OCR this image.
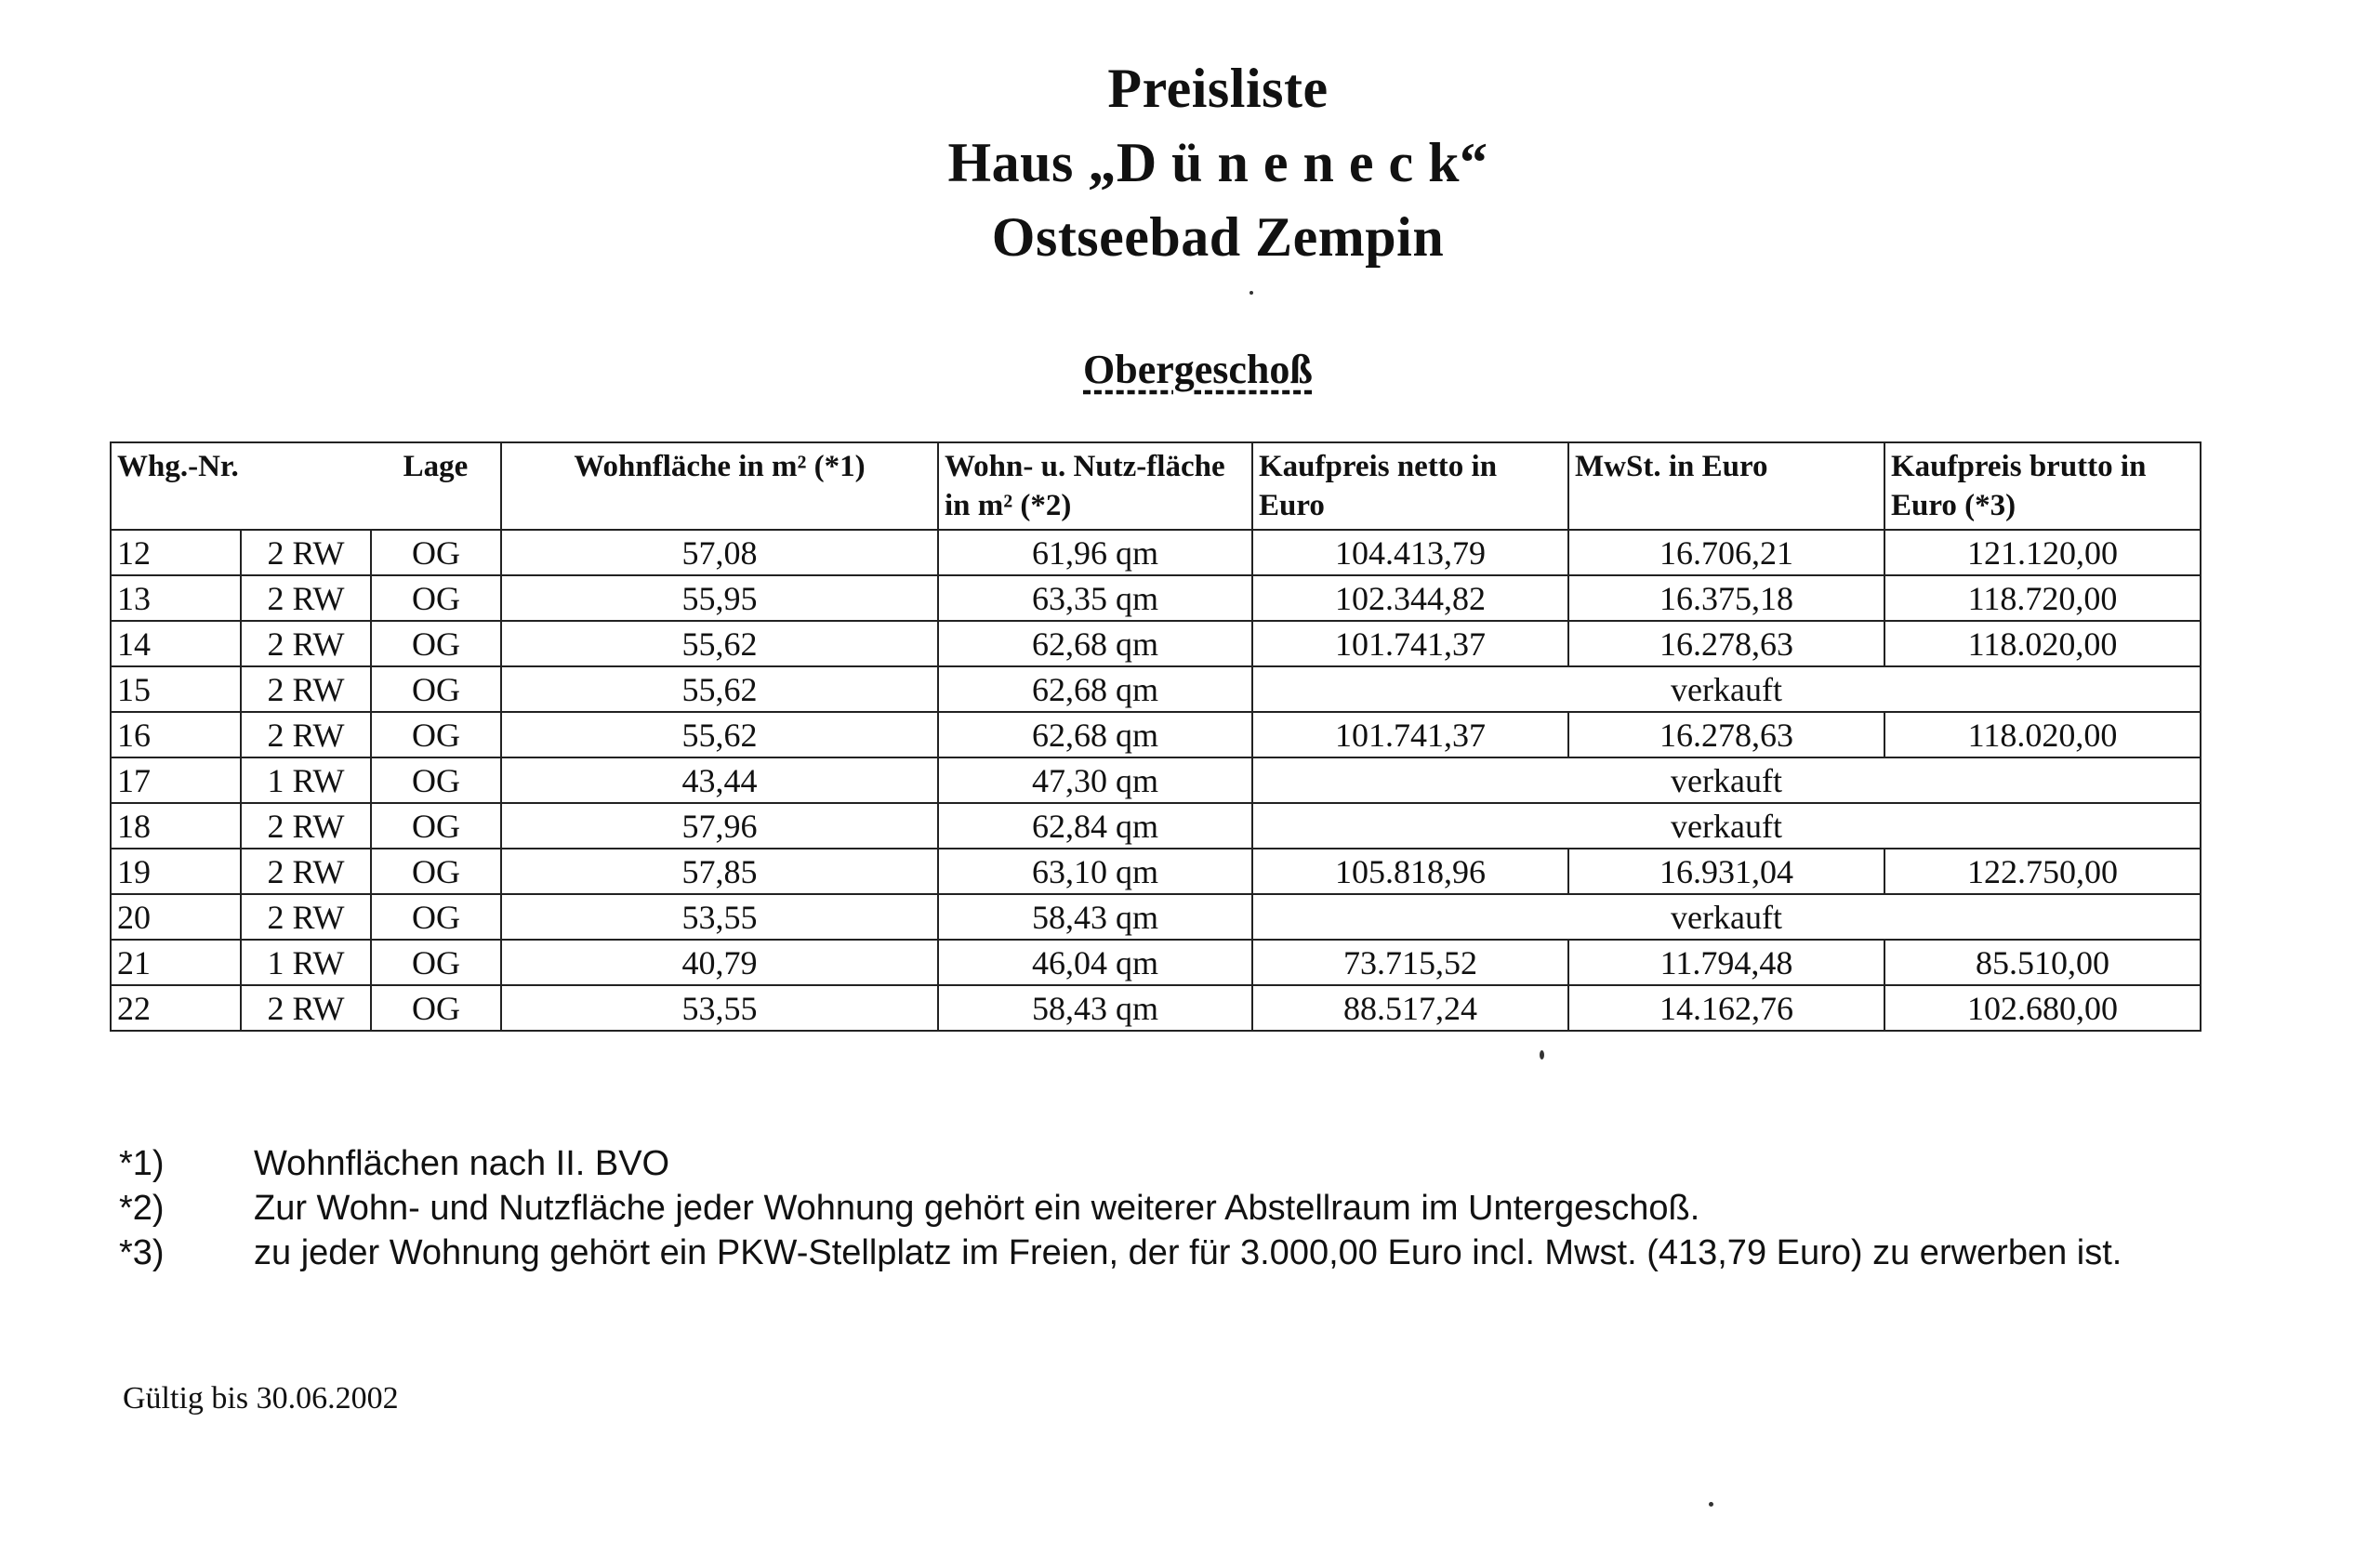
Preisliste
Haus „D ü n e n e c k“
Ostseebad Zempin
Obergeschoß
Whg.-Nr.		Lage	Wohnfläche in m² (*1)	Wohn- u. Nutz-fläche in m² (*2)	Kaufpreis netto in Euro	MwSt. in Euro	Kaufpreis brutto in Euro (*3)
12	2 RW	OG	57,08	61,96 qm	104.413,79	16.706,21	121.120,00
13	2 RW	OG	55,95	63,35 qm	102.344,82	16.375,18	118.720,00
14	2 RW	OG	55,62	62,68 qm	101.741,37	16.278,63	118.020,00
15	2 RW	OG	55,62	62,68 qm	verkauft		
16	2 RW	OG	55,62	62,68 qm	101.741,37	16.278,63	118.020,00
17	1 RW	OG	43,44	47,30 qm	verkauft		
18	2 RW	OG	57,96	62,84 qm	verkauft		
19	2 RW	OG	57,85	63,10 qm	105.818,96	16.931,04	122.750,00
20	2 RW	OG	53,55	58,43 qm	verkauft		
21	1 RW	OG	40,79	46,04 qm	73.715,52	11.794,48	85.510,00
22	2 RW	OG	53,55	58,43 qm	88.517,24	14.162,76	102.680,00
*1)	Wohnflächen nach II. BVO
*2)	Zur Wohn- und Nutzfläche jeder Wohnung gehört ein weiterer Abstellraum im Untergeschoß.
*3)	zu jeder Wohnung gehört ein PKW-Stellplatz im Freien, der für 3.000,00 Euro incl. Mwst. (413,79 Euro) zu erwerben ist.
Gültig bis 30.06.2002
